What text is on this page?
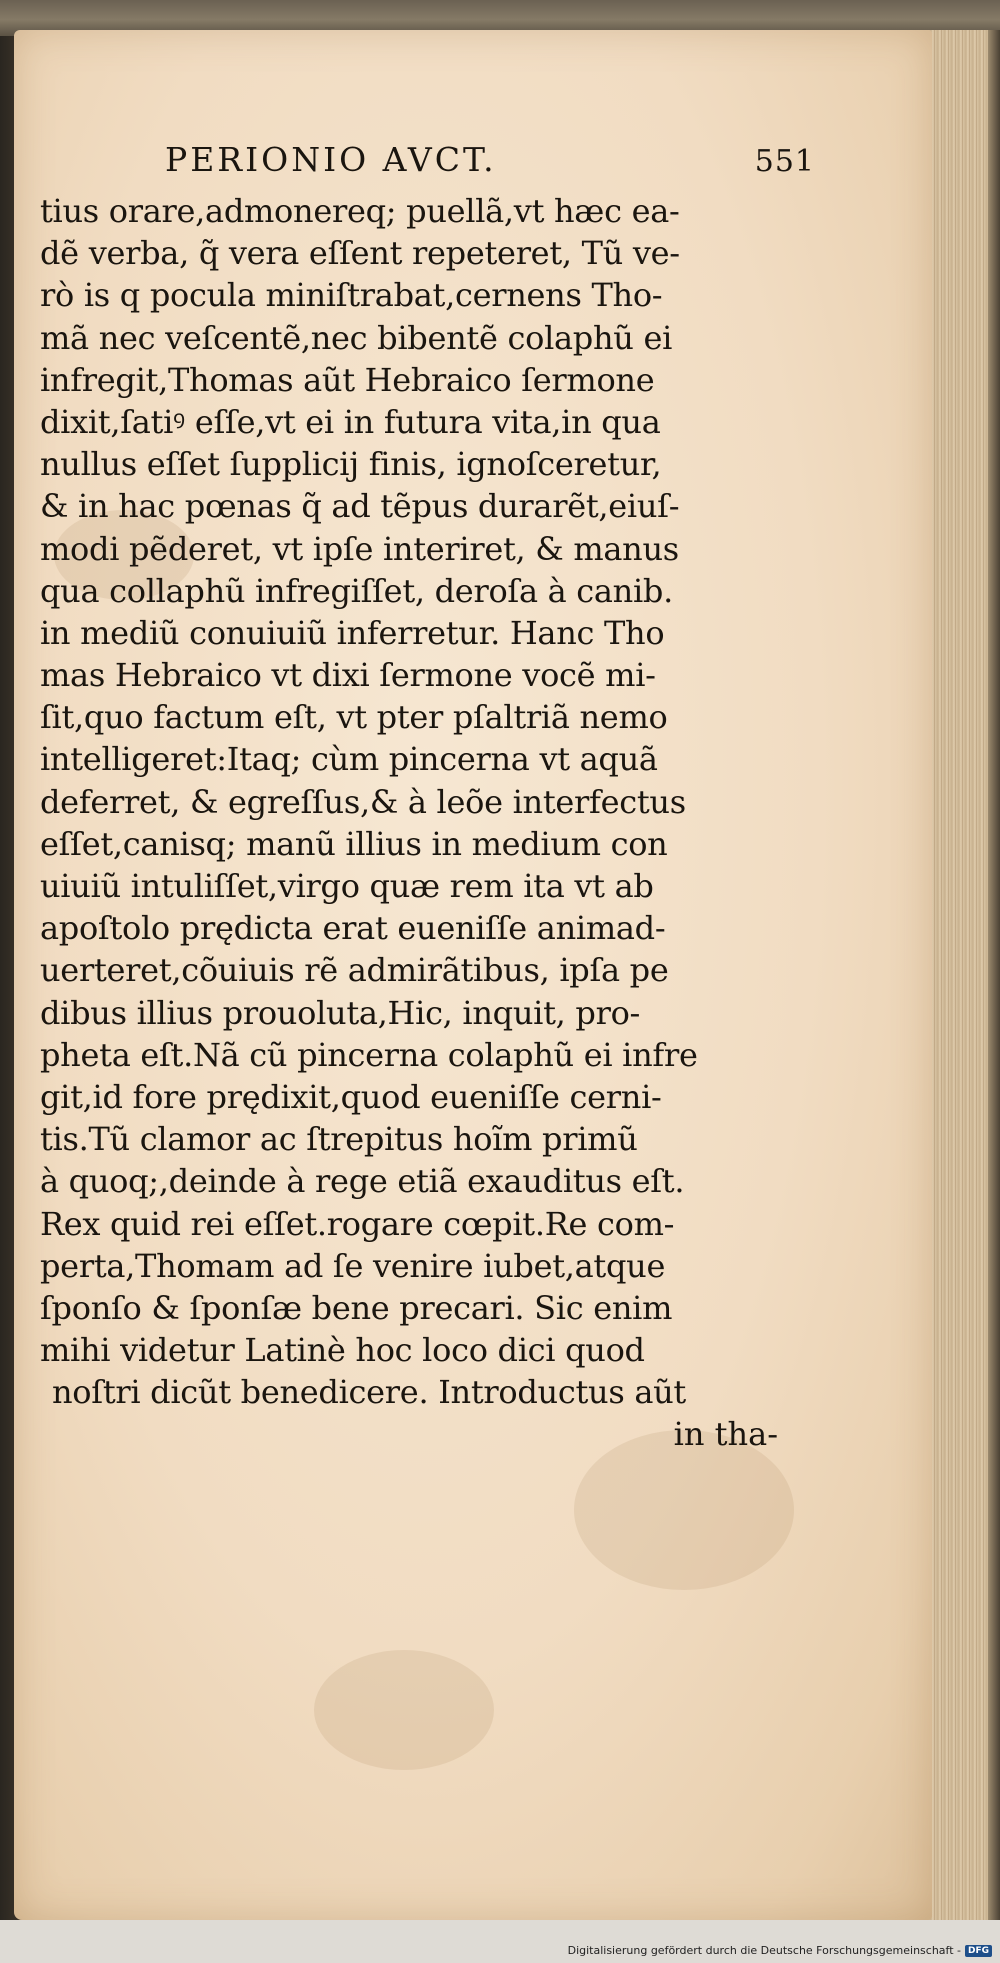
PERIONIO AVCT.	551
tius orare,admonereq; puellã,vt hæc ea-
dẽ verba, q̃ vera eſſent repeteret, Tũ ve-
rò is q pocula miniſtrabat,cernens Tho-
mã nec veſcentẽ,nec bibentẽ colaphũ ei
infregit,Thomas aũt Hebraico ſermone
dixit,ſatiꝰ eſſe,vt ei in futura vita,in qua
nullus eſſet ſupplicij finis, ignoſceretur,
& in hac pœnas q̃ ad tẽpus durarẽt,eiuſ-
modi pẽderet, vt ipſe interiret, & manus
qua collaphũ infregiſſet, deroſa à canib.
in mediũ conuiuiũ inferretur. Hanc Tho
mas Hebraico vt dixi ſermone vocẽ mi-
ſit,quo factum eſt, vt pter pſaltriã nemo
intelligeret:Itaq; cùm pincerna vt aquã
deferret, & egreſſus,& à leõe interfectus
eſſet,canisq; manũ illius in medium con
uiuiũ intuliſſet,virgo quæ rem ita vt ab
apoſtolo prędicta erat eueniſſe animad-
uerteret,cõuiuis rẽ admirãtibus, ipſa pe
dibus illius prouoluta,Hic, inquit, pro-
pheta eſt.Nã cũ pincerna colaphũ ei infre
git,id fore prędixit,quod eueniſſe cerni-
tis.Tũ clamor ac ſtrepitus hoĩm primũ
à quoq;,deinde à rege etiã exauditus eſt.
Rex quid rei eſſet.rogare cœpit.Re com-
perta,Thomam ad ſe venire iubet,atque
ſponſo & ſponſæ bene precari. Sic enim
mihi videtur Latinè hoc loco dici quod
noſtri dicũt benedicere. Introductus aũt
in tha-
Digitalisierung gefördert durch die Deutsche Forschungsgemeinschaft - DFG
